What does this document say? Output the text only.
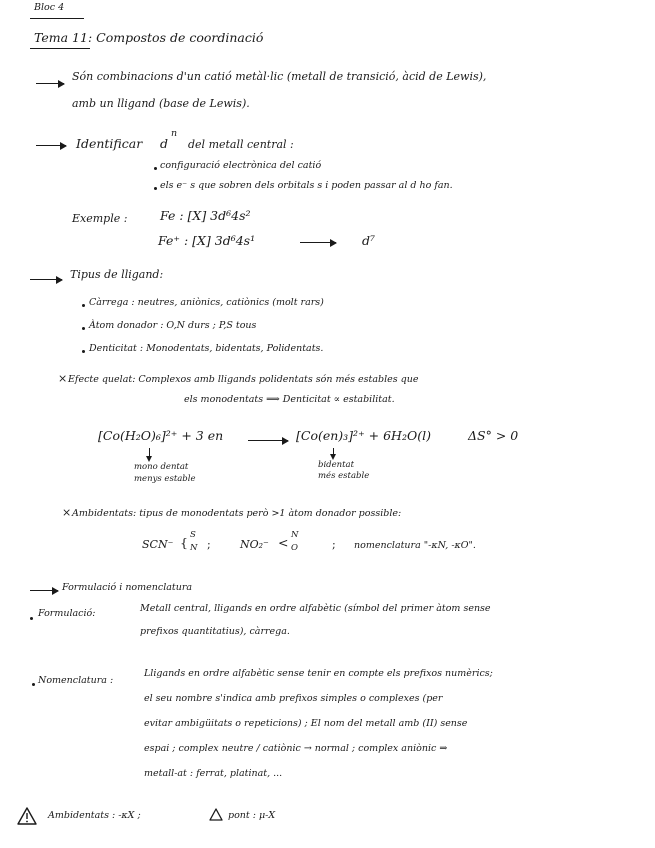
Bloc 4
Tema 11: Compostos de coordinació
Són combinacions d'un catió metàl·lic (metall de transició, àcid de Lewis),
amb un lligand (base de Lewis).
Identificar d
n
del metall central :
configuració electrònica del catió
els e⁻ s que sobren dels orbitals s i poden passar al d ho fan.
Exemple :	Fe : [X] 3d⁶4s²
Fe⁺ : [X] 3d⁶4s¹	d⁷
Tipus de lligand:
Càrrega : neutres, aniònics, catiònics (molt rars)
Àtom donador : O,N durs ; P,S tous
Denticitat : Monodentats, bidentats, Polidentats.
× Efecte quelat: Complexos amb lligands polidentats són més estables que
els monodentats ⟹ Denticitat ∝ estabilitat.
[Co(H₂O)₆]²⁺ + 3 en → [Co(en)₃]²⁺ + 6H₂O(l)	ΔS° > 0
mono dentat
menys estable
bidentat
més estable
× Ambidentats: tipus de monodentats però >1 àtom donador possible:
SCN⁻ { S
N ;	NO₂⁻ < N
O	; nomenclatura "-κN, -κO".
Formulació i nomenclatura
Formulació:	Metall central, lligands en ordre alfabètic (símbol del primer àtom sense
prefixos quantitatius), càrrega.
Nomenclatura :
Lligands en ordre alfabètic sense tenir en compte els prefixos numèrics;
el seu nombre s'indica amb prefixos simples o complexes (per
evitar ambigüitats o repeticions) ; El nom del metall amb (II) sense
espai ; complex neutre / catiònic → normal ; complex aniònic ⇒
metall-at : ferrat, platinat, ...
Ambidentats : -κX ;	pont : μ-X
